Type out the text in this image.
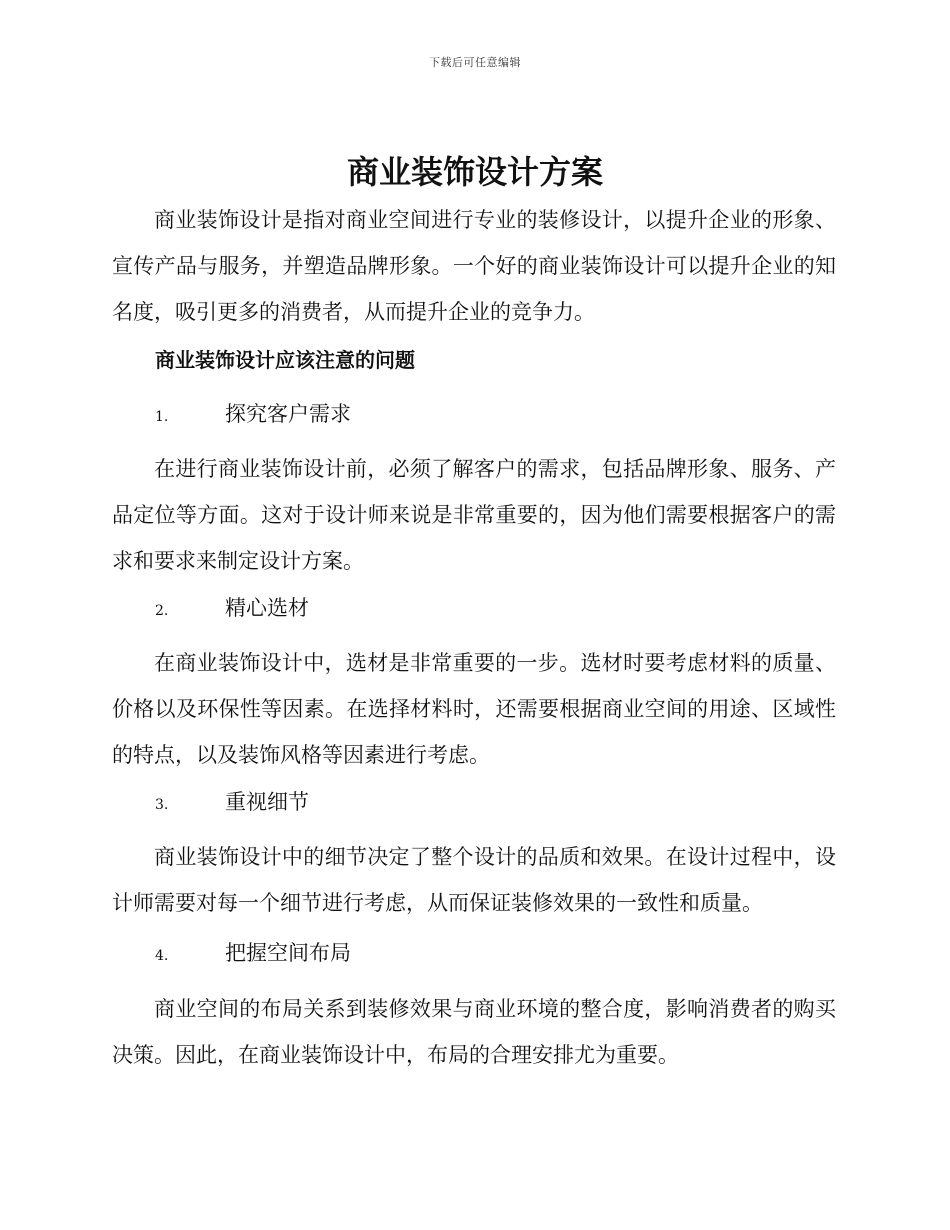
下载后可任意编辑
商业装饰设计方案

商业装饰设计是指对商业空间进行专业的装修设计，以提升企业的形象、宣传产品与服务，并塑造品牌形象。一个好的商业装饰设计可以提升企业的知名度，吸引更多的消费者，从而提升企业的竞争力。

商业装饰设计应该注意的问题
1.	探究客户需求

在进行商业装饰设计前，必须了解客户的需求，包括品牌形象、服务、产品定位等方面。这对于设计师来说是非常重要的，因为他们需要根据客户的需求和要求来制定设计方案。

2.	精心选材

在商业装饰设计中，选材是非常重要的一步。选材时要考虑材料的质量、价格以及环保性等因素。在选择材料时，还需要根据商业空间的用途、区域性的特点，以及装饰风格等因素进行考虑。

3.	重视细节

商业装饰设计中的细节决定了整个设计的品质和效果。在设计过程中，设计师需要对每一个细节进行考虑，从而保证装修效果的一致性和质量。

4.	把握空间布局

商业空间的布局关系到装修效果与商业环境的整合度，影响消费者的购买决策。因此，在商业装饰设计中，布局的合理安排尤为重要。
